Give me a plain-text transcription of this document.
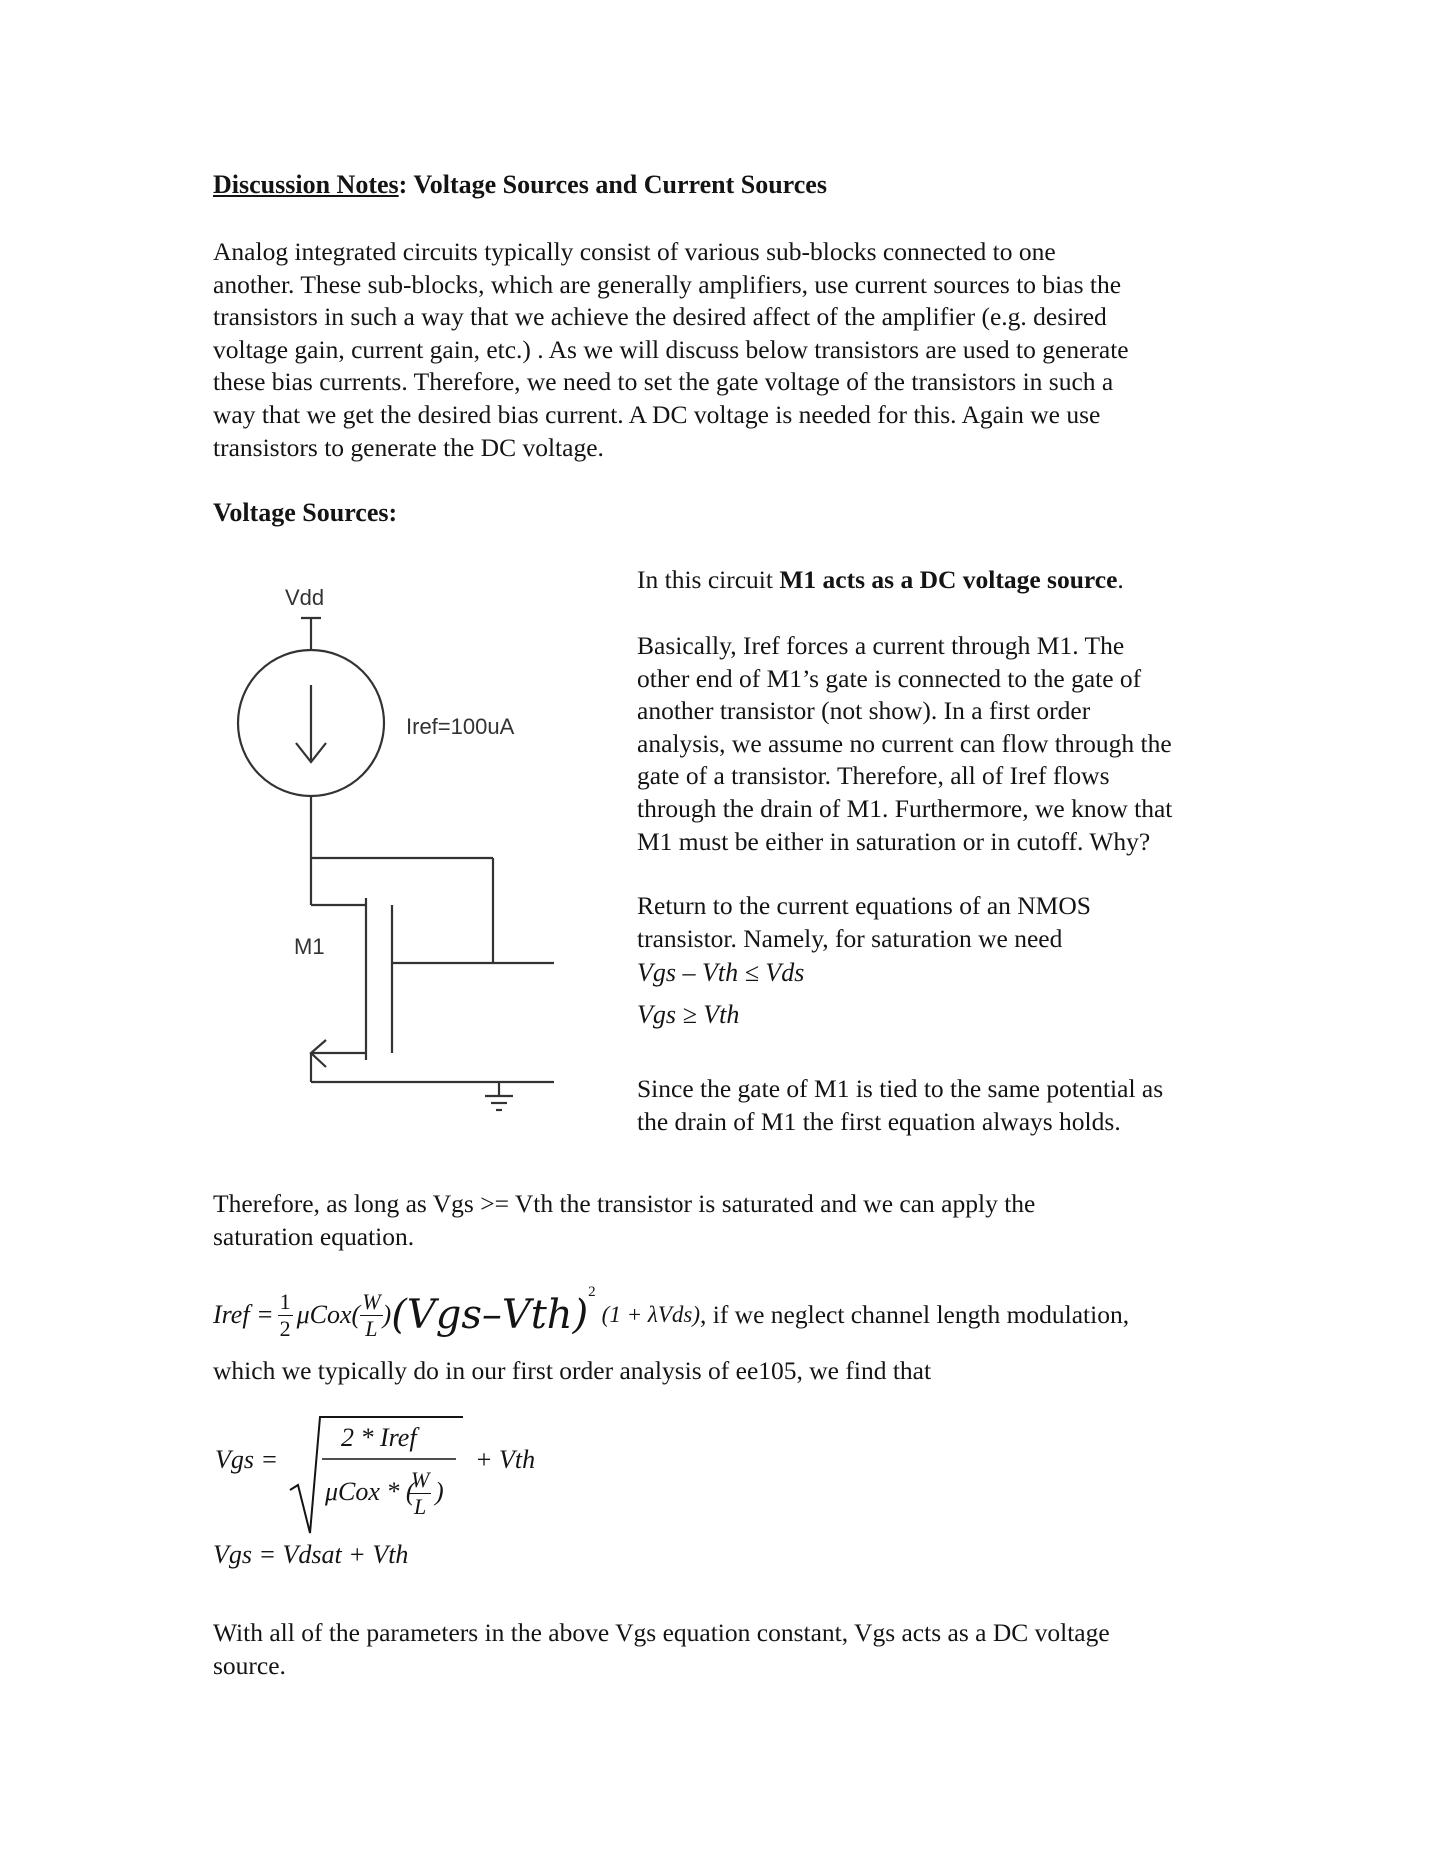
Discussion Notes: Voltage Sources and Current Sources
Analog integrated circuits typically consist of various sub-blocks connected to one
another. These sub-blocks, which are generally amplifiers, use current sources to bias the
transistors in such a way that we achieve the desired affect of the amplifier (e.g. desired
voltage gain, current gain, etc.) . As we will discuss below transistors are used to generate
these bias currents. Therefore, we need to set the gate voltage of the transistors in such a
way that we get the desired bias current. A DC voltage is needed for this. Again we use
transistors to generate the DC voltage.
Voltage Sources:
Vdd
Iref=100uA
M1
In this circuit M1 acts as a DC voltage source.
Basically, Iref forces a current through M1. The
other end of M1’s gate is connected to the gate of
another transistor (not show). In a first order
analysis, we assume no current can flow through the
gate of a transistor. Therefore, all of Iref flows
through the drain of M1. Furthermore, we know that
M1 must be either in saturation or in cutoff. Why?
Return to the current equations of an NMOS
transistor. Namely, for saturation we need
Vgs – Vth ≤ Vds
Vgs ≥ Vth
Since the gate of M1 is tied to the same potential as
the drain of M1 the first equation always holds.
Therefore, as long as Vgs >= Vth the transistor is saturated and we can apply the
saturation equation.
Iref = $\frac{1}{2} \mu Cox( \frac{W}{L}$ ) (Vgs–Vth) 2
(1 + λVds) , if we neglect channel length modulation,
which we typically do in our first order analysis of ee105, we find that
Vgs =
2 * Iref
μCox * (
$\frac{W}{L}$ )
+ Vth
Vgs = Vdsat + Vth
With all of the parameters in the above Vgs equation constant, Vgs acts as a DC voltage
source.
